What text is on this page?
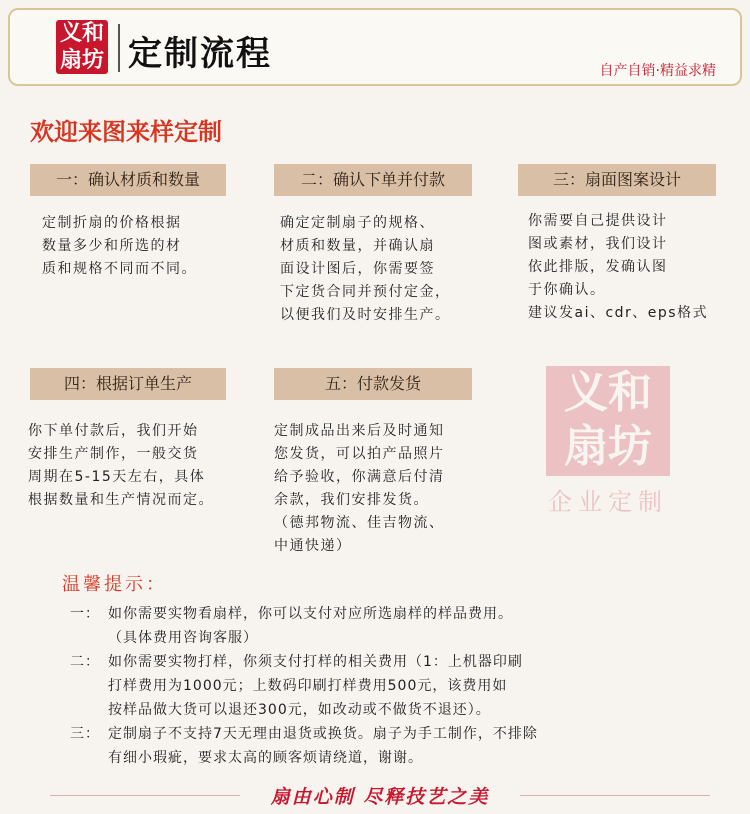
义和
扇坊 定制流程	自产自销·精益求精
欢迎来图来样定制
一：确认材质和数量
定制折扇的价格根据
数量多少和所选的材
质和规格不同而不同。
二：确认下单并付款
确定定制扇子的规格、
材质和数量，并确认扇
面设计图后，你需要签
下定货合同并预付定金，
以便我们及时安排生产。
三：扇面图案设计
你需要自己提供设计
图或素材，我们设计
依此排版，发确认图
于你确认。
建议发ai、cdr、eps格式
四：根据订单生产
你下单付款后，我们开始
安排生产制作，一般交货
周期在5-15天左右，具体
根据数量和生产情况而定。
五：付款发货
定制成品出来后及时通知
您发货，可以拍产品照片
给予验收，你满意后付清
余款，我们安排发货。
（德邦物流、佳吉物流、
中通快递）
义和
扇坊
企业定制
温馨提示：
一： 如你需要实物看扇样，你可以支付对应所选扇样的样品费用。
（具体费用咨询客服）
二： 如你需要实物打样，你须支付打样的相关费用（1：上机器印刷
打样费用为1000元；上数码印刷打样费用500元，该费用如
按样品做大货可以退还300元，如改动或不做货不退还）。
三： 定制扇子不支持7天无理由退货或换货。扇子为手工制作，不排除
有细小瑕疵，要求太高的顾客烦请绕道，谢谢。
扇由心制 尽释技艺之美
